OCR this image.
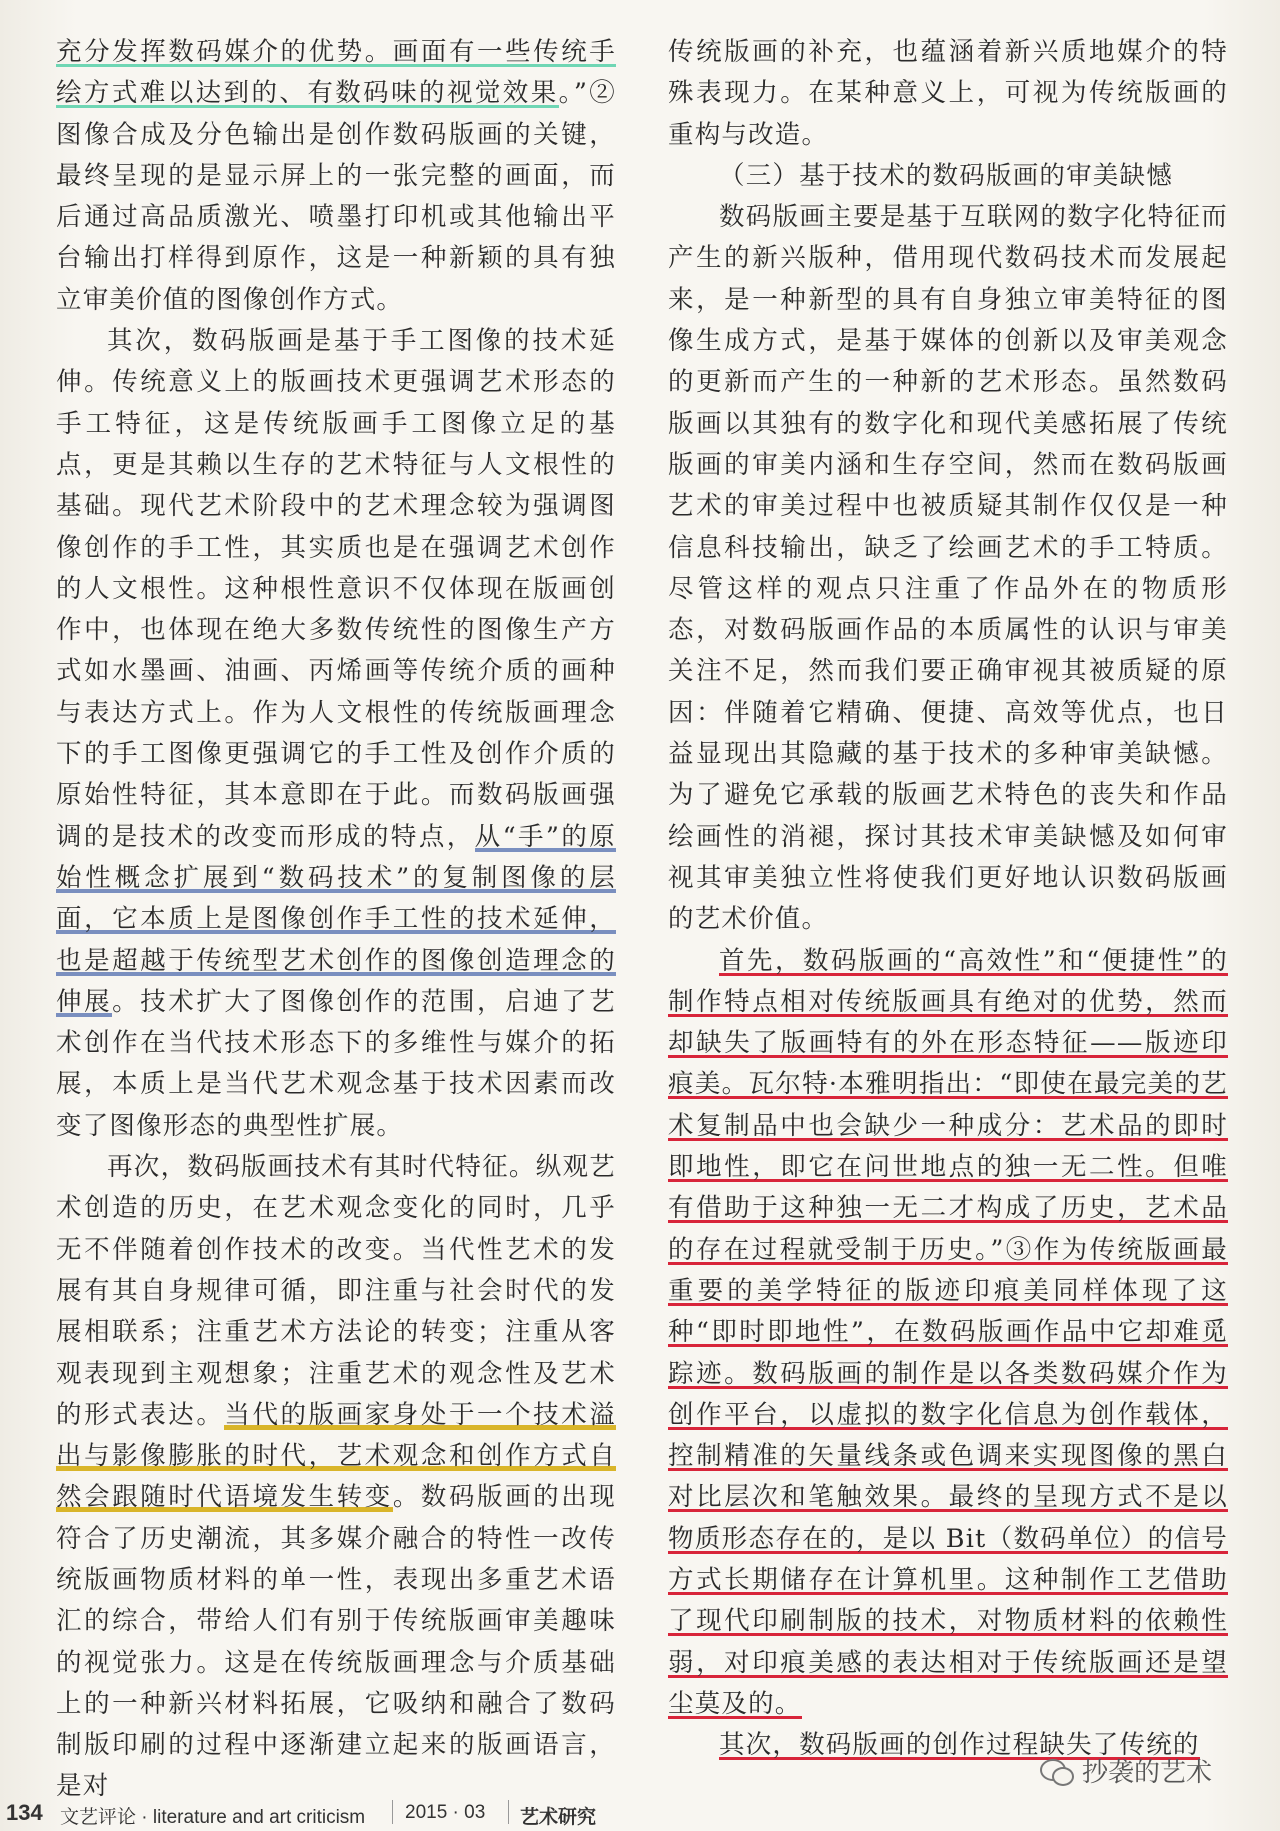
充分发挥数码媒介的优势。画面有一些传统手绘方式难以达到的、有数码味的视觉效果。”②图像合成及分色输出是创作数码版画的关键，最终呈现的是显示屏上的一张完整的画面，而后通过高品质激光、喷墨打印机或其他输出平台输出打样得到原作，这是一种新颖的具有独立审美价值的图像创作方式。

其次，数码版画是基于手工图像的技术延伸。传统意义上的版画技术更强调艺术形态的手工特征，这是传统版画手工图像立足的基点，更是其赖以生存的艺术特征与人文根性的基础。现代艺术阶段中的艺术理念较为强调图像创作的手工性，其实质也是在强调艺术创作的人文根性。这种根性意识不仅体现在版画创作中，也体现在绝大多数传统性的图像生产方式如水墨画、油画、丙烯画等传统介质的画种与表达方式上。作为人文根性的传统版画理念下的手工图像更强调它的手工性及创作介质的原始性特征，其本意即在于此。而数码版画强调的是技术的改变而形成的特点，从“手”的原始性概念扩展到“数码技术”的复制图像的层面，它本质上是图像创作手工性的技术延伸，也是超越于传统型艺术创作的图像创造理念的伸展。技术扩大了图像创作的范围，启迪了艺术创作在当代技术形态下的多维性与媒介的拓展，本质上是当代艺术观念基于技术因素而改变了图像形态的典型性扩展。

再次，数码版画技术有其时代特征。纵观艺术创造的历史，在艺术观念变化的同时，几乎无不伴随着创作技术的改变。当代性艺术的发展有其自身规律可循，即注重与社会时代的发展相联系；注重艺术方法论的转变；注重从客观表现到主观想象；注重艺术的观念性及艺术的形式表达。当代的版画家身处于一个技术溢出与影像膨胀的时代，艺术观念和创作方式自然会跟随时代语境发生转变。数码版画的出现符合了历史潮流，其多媒介融合的特性一改传统版画物质材料的单一性，表现出多重艺术语汇的综合，带给人们有别于传统版画审美趣味的视觉张力。这是在传统版画理念与介质基础上的一种新兴材料拓展，它吸纳和融合了数码制版印刷的过程中逐渐建立起来的版画语言，是对

传统版画的补充，也蕴涵着新兴质地媒介的特殊表现力。在某种意义上，可视为传统版画的重构与改造。

（三）基于技术的数码版画的审美缺憾

数码版画主要是基于互联网的数字化特征而产生的新兴版种，借用现代数码技术而发展起来，是一种新型的具有自身独立审美特征的图像生成方式，是基于媒体的创新以及审美观念的更新而产生的一种新的艺术形态。虽然数码版画以其独有的数字化和现代美感拓展了传统版画的审美内涵和生存空间，然而在数码版画艺术的审美过程中也被质疑其制作仅仅是一种信息科技输出，缺乏了绘画艺术的手工特质。尽管这样的观点只注重了作品外在的物质形态，对数码版画作品的本质属性的认识与审美关注不足，然而我们要正确审视其被质疑的原因：伴随着它精确、便捷、高效等优点，也日益显现出其隐藏的基于技术的多种审美缺憾。为了避免它承载的版画艺术特色的丧失和作品绘画性的消褪，探讨其技术审美缺憾及如何审视其审美独立性将使我们更好地认识数码版画的艺术价值。

首先，数码版画的“高效性”和“便捷性”的制作特点相对传统版画具有绝对的优势，然而却缺失了版画特有的外在形态特征——版迹印痕美。瓦尔特·本雅明指出：“即使在最完美的艺术复制品中也会缺少一种成分：艺术品的即时即地性，即它在问世地点的独一无二性。但唯有借助于这种独一无二才构成了历史，艺术品的存在过程就受制于历史。”③作为传统版画最重要的美学特征的版迹印痕美同样体现了这种“即时即地性”，在数码版画作品中它却难觅踪迹。数码版画的制作是以各类数码媒介作为创作平台，以虚拟的数字化信息为创作载体，控制精准的矢量线条或色调来实现图像的黑白对比层次和笔触效果。最终的呈现方式不是以物质形态存在的，是以 Bit（数码单位）的信号方式长期储存在计算机里。这种制作工艺借助了现代印刷制版的技术，对物质材料的依赖性弱，对印痕美感的表达相对于传统版画还是望尘莫及的。

其次，数码版画的创作过程缺失了传统的

抄袭的艺术
134 文艺评论 · literature and art criticism 2015 · 03 艺术研究
